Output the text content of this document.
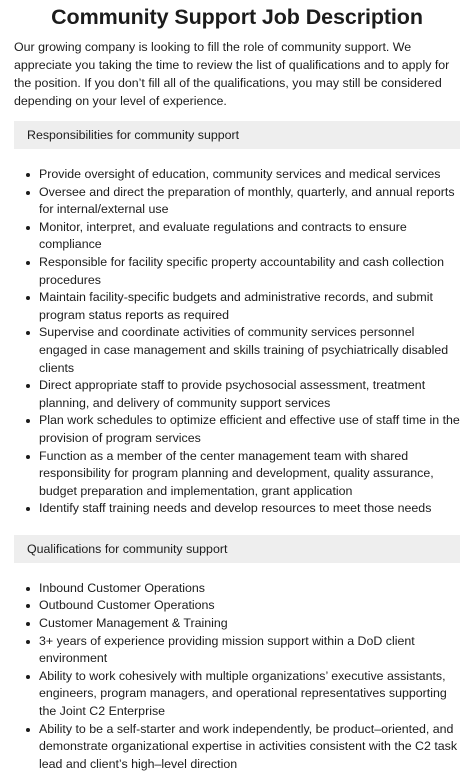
Community Support Job Description

Our growing company is looking to fill the role of community support. We appreciate you taking the time to review the list of qualifications and to apply for the position. If you don’t fill all of the qualifications, you may still be considered depending on your level of experience.

Responsibilities for community support
Provide oversight of education, community services and medical services
Oversee and direct the preparation of monthly, quarterly, and annual reports for internal/external use
Monitor, interpret, and evaluate regulations and contracts to ensure compliance
Responsible for facility specific property accountability and cash collection procedures
Maintain facility-specific budgets and administrative records, and submit program status reports as required
Supervise and coordinate activities of community services personnel engaged in case management and skills training of psychiatrically disabled clients
Direct appropriate staff to provide psychosocial assessment, treatment planning, and delivery of community support services
Plan work schedules to optimize efficient and effective use of staff time in the provision of program services
Function as a member of the center management team with shared responsibility for program planning and development, quality assurance, budget preparation and implementation, grant application
Identify staff training needs and develop resources to meet those needs
Qualifications for community support
Inbound Customer Operations
Outbound Customer Operations
Customer Management & Training
3+ years of experience providing mission support within a DoD client environment
Ability to work cohesively with multiple organizations’ executive assistants, engineers, program managers, and operational representatives supporting the Joint C2 Enterprise
Ability to be a self-starter and work independently, be product–oriented, and demonstrate organizational expertise in activities consistent with the C2 task lead and client’s high–level direction
